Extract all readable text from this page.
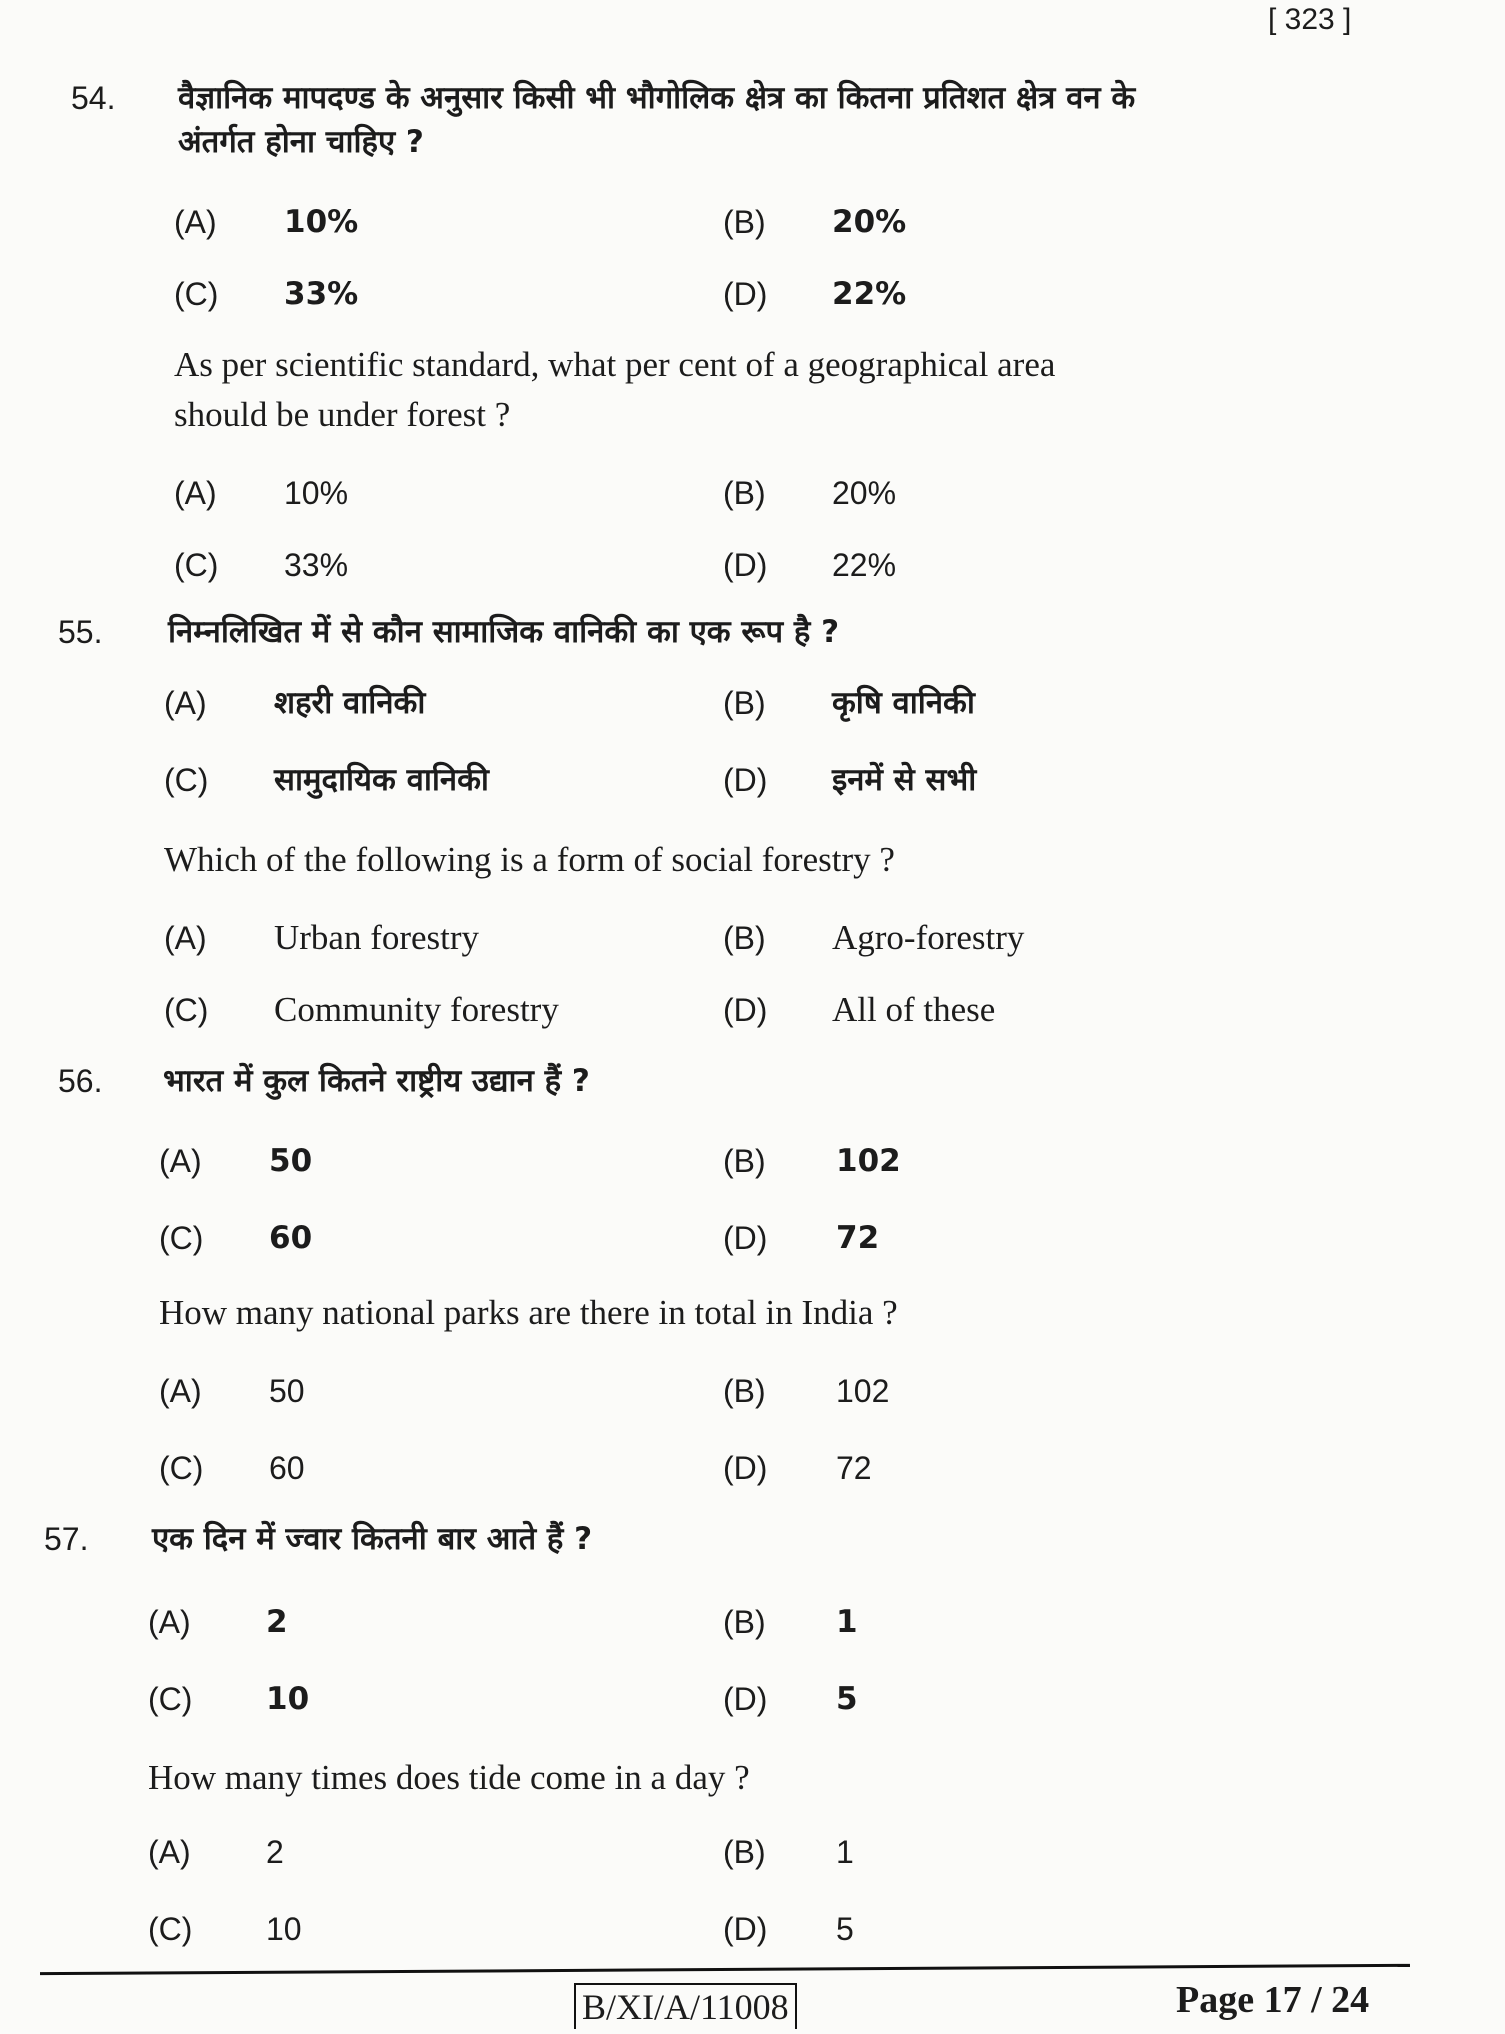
[ 323 ]
54. वैज्ञानिक मापदण्ड के अनुसार किसी भी भौगोलिक क्षेत्र का कितना प्रतिशत क्षेत्र वन के
अंतर्गत होना चाहिए ?
As per scientific standard, what per cent of a geographical area
should be under forest ?
(A) 10%	(B) 20%
(C) 33%	(D) 22%
(A) 10%	(B) 20%
(C) 33%	(D) 22%
55. निम्नलिखित में से कौन सामाजिक वानिकी का एक रूप है ?
Which of the following is a form of social forestry ?
(A) शहरी वानिकी	(B) कृषि वानिकी
(C) सामुदायिक वानिकी	(D) इनमें से सभी
(A) Urban forestry	(B) Agro-forestry
(C) Community forestry	(D) All of these
56. भारत में कुल कितने राष्ट्रीय उद्यान हैं ?
How many national parks are there in total in India ?
(A) 50	(B) 102
(C) 60	(D) 72
(A) 50	(B) 102
(C) 60	(D) 72
57. एक दिन में ज्वार कितनी बार आते हैं ?
How many times does tide come in a day ?
(A) 2	(B) 1
(C) 10	(D) 5
(A) 2	(B) 1
(C) 10	(D) 5
B/XI/A/11008	Page 17 / 24
